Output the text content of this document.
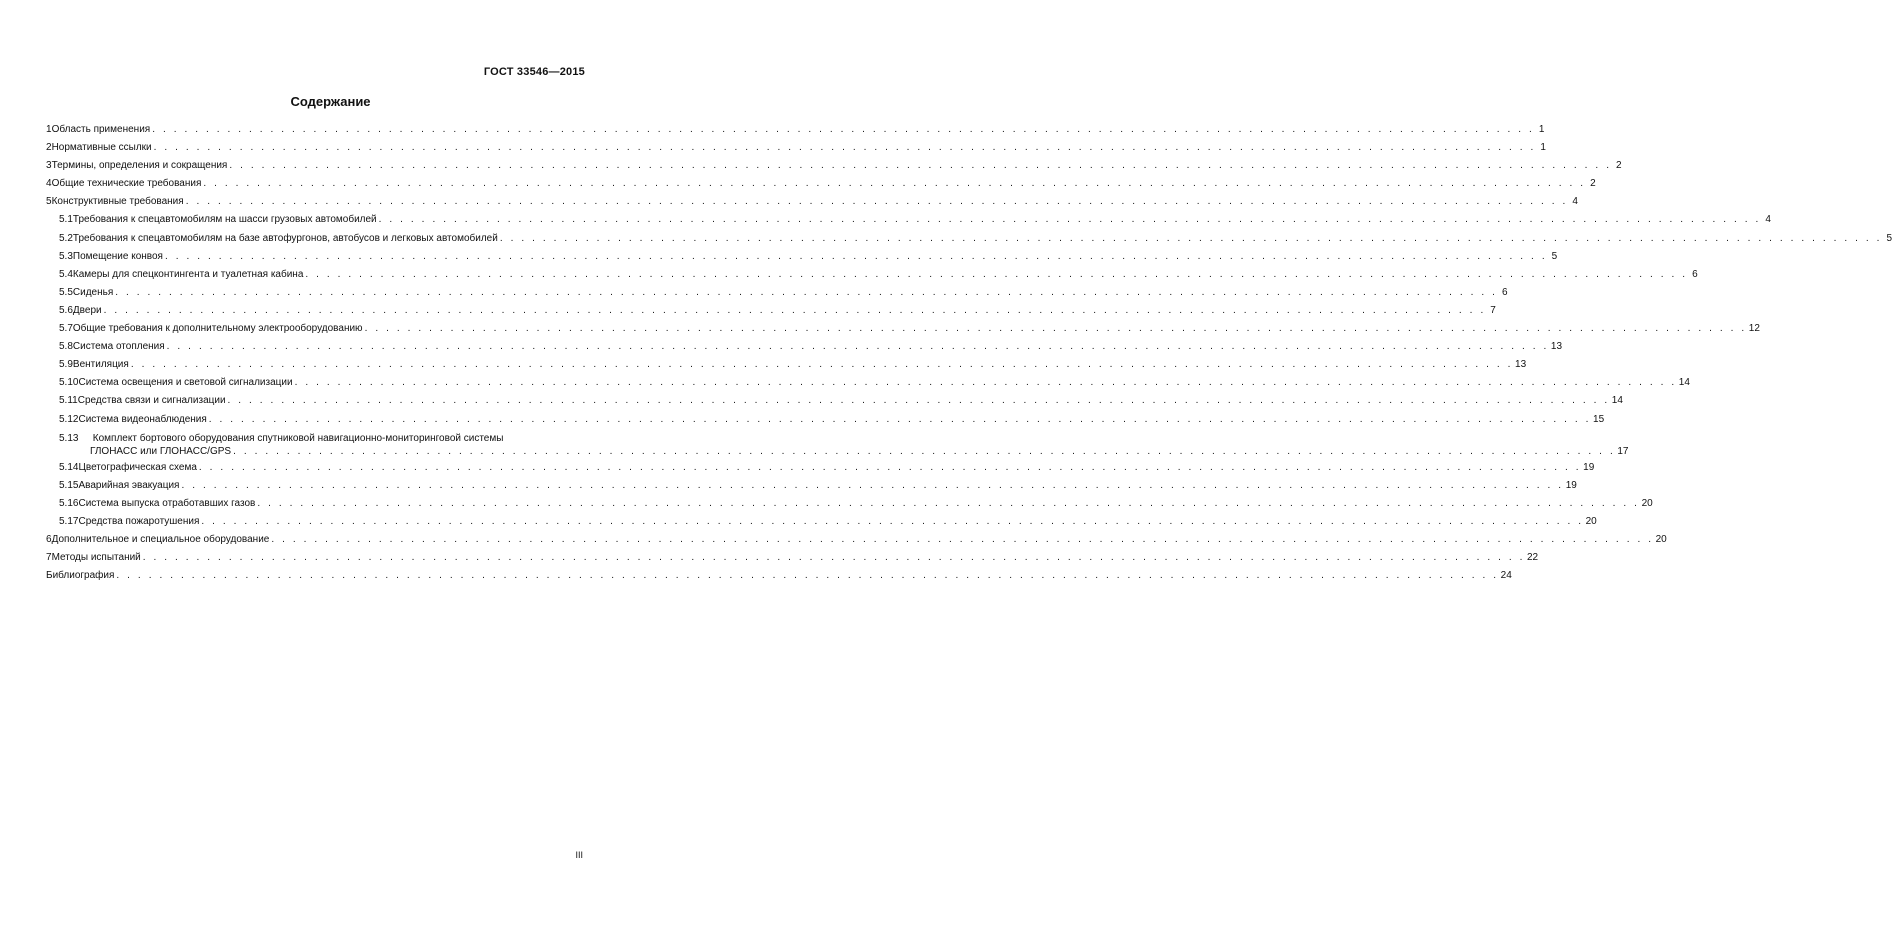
ГОСТ 33546—2015
Содержание
1 Область применения . . .	1
2 Нормативные ссылки . . .	1
3 Термины, определения и сокращения . . .	2
4 Общие технические требования . . .	2
5 Конструктивные требования . . .	4
5.1 Требования к спецавтомобилям на шасси грузовых автомобилей . . .	4
5.2 Требования к спецавтомобилям на базе автофургонов, автобусов и легковых автомобилей . . .	5
5.3 Помещение конвоя . . .	5
5.4 Камеры для спецконтингента и туалетная кабина . . .	6
5.5 Сиденья . . .	6
5.6 Двери . . .	7
5.7 Общие требования к дополнительному электрооборудованию . . .	12
5.8 Система отопления . . .	13
5.9 Вентиляция . . .	13
5.10 Система освещения и световой сигнализации . . .	14
5.11 Средства связи и сигнализации . . .	14
5.12 Система видеонаблюдения . . .	15
5.13 Комплект бортового оборудования спутниковой навигационно-мониторинговой системы
ГЛОНАСС или ГЛОНАСС/GPS . . .	17
5.14 Цветографическая схема . . .	19
5.15 Аварийная эвакуация . . .	19
5.16 Система выпуска отработавших газов . . .	20
5.17 Средства пожаротушения . . .	20
6 Дополнительное и специальное оборудование . . .	20
7 Методы испытаний . . .	22
Библиография . . .	24
III
